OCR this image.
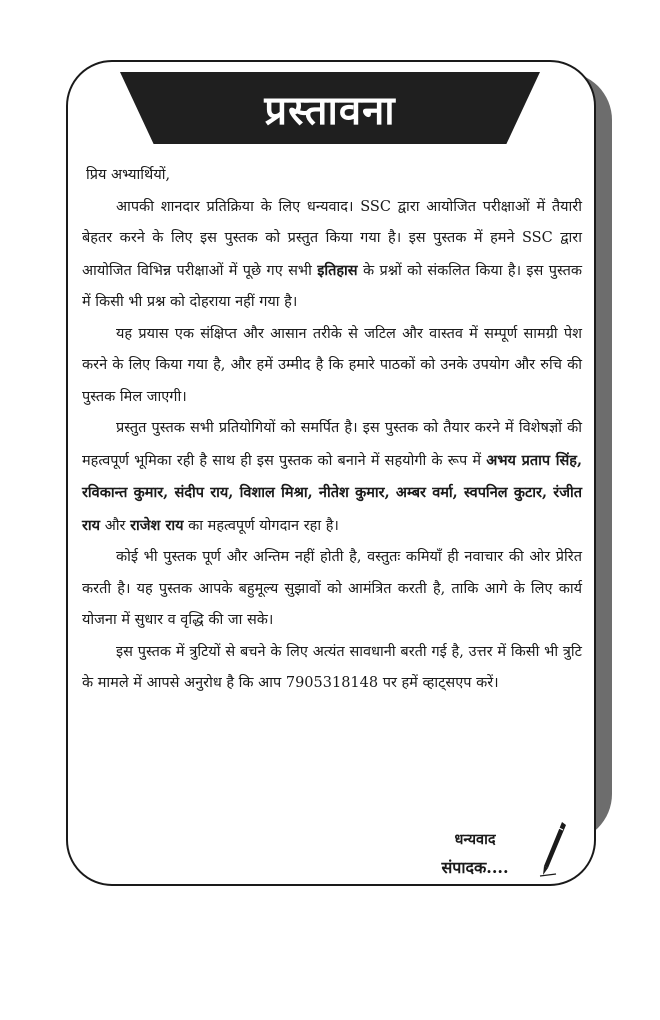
प्रस्तावना

प्रिय अभ्यार्थियों,

आपकी शानदार प्रतिक्रिया के लिए धन्यवाद। SSC द्वारा आयोजित परीक्षाओं में तैयारी बेहतर करने के लिए इस पुस्तक को प्रस्तुत किया गया है। इस पुस्तक में हमने SSC द्वारा आयोजित विभिन्न परीक्षाओं में पूछे गए सभी इतिहास के प्रश्नों को संकलित किया है। इस पुस्तक में किसी भी प्रश्न को दोहराया नहीं गया है।

यह प्रयास एक संक्षिप्त और आसान तरीके से जटिल और वास्तव में सम्पूर्ण सामग्री पेश करने के लिए किया गया है, और हमें उम्मीद है कि हमारे पाठकों को उनके उपयोग और रुचि की पुस्तक मिल जाएगी।

प्रस्तुत पुस्तक सभी प्रतियोगियों को समर्पित है। इस पुस्तक को तैयार करने में विशेषज्ञों की महत्वपूर्ण भूमिका रही है साथ ही इस पुस्तक को बनाने में सहयोगी के रूप में अभय प्रताप सिंह, रविकान्त कुमार, संदीप राय, विशाल मिश्रा, नीतेश कुमार, अम्बर वर्मा, स्वपनिल कुटार, रंजीत राय और राजेश राय का महत्वपूर्ण योगदान रहा है।

कोई भी पुस्तक पूर्ण और अन्तिम नहीं होती है, वस्तुतः कमियाँ ही नवाचार की ओर प्रेरित करती है। यह पुस्तक आपके बहुमूल्य सुझावों को आमंत्रित करती है, ताकि आगे के लिए कार्य योजना में सुधार व वृद्धि की जा सके।

इस पुस्तक में त्रुटियों से बचने के लिए अत्यंत सावधानी बरती गई है, उत्तर में किसी भी त्रुटि के मामले में आपसे अनुरोध है कि आप 7905318148 पर हमें व्हाट्सएप करें।

धन्यवाद
संपादक....
